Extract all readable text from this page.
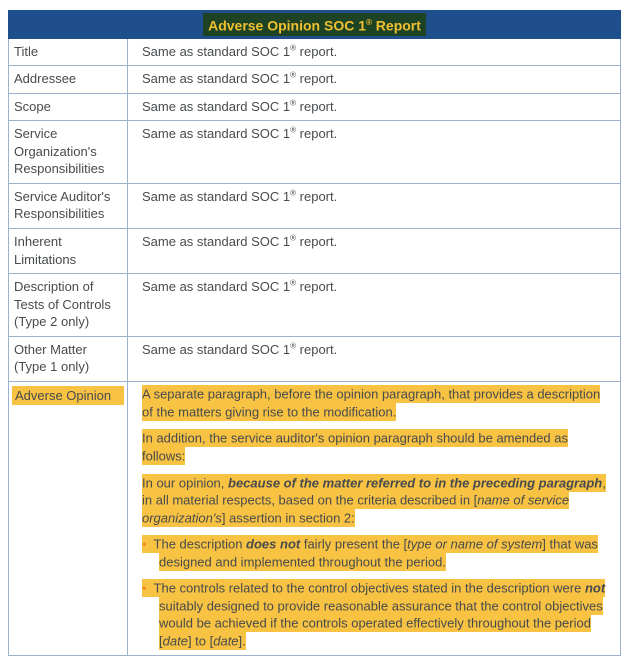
Adverse Opinion SOC 1® Report	
Title	Same as standard SOC 1® report.
Addressee	Same as standard SOC 1® report.
Scope	Same as standard SOC 1® report.
Service Organization's Responsibilities	Same as standard SOC 1® report.
Service Auditor's Responsibilities	Same as standard SOC 1® report.
Inherent Limitations	Same as standard SOC 1® report.
Description of Tests of Controls (Type 2 only)	Same as standard SOC 1® report.
Other Matter (Type 1 only)	Same as standard SOC 1® report.

Adverse Opinion	A separate paragraph, before the opinion paragraph, that provides a description of the matters giving rise to the modification.
In addition, the service auditor's opinion paragraph should be amended as follows:
In our opinion, because of the matter referred to in the preceding paragraph, in all material respects, based on the criteria described in [name of service organization's] assertion in section 2:
•  The description does not fairly present the [type or name of system] that was designed and implemented throughout the period.
•  The controls related to the control objectives stated in the description were not suitably designed to provide reasonable assurance that the control objectives would be achieved if the controls operated effectively throughout the period [date] to [date].
